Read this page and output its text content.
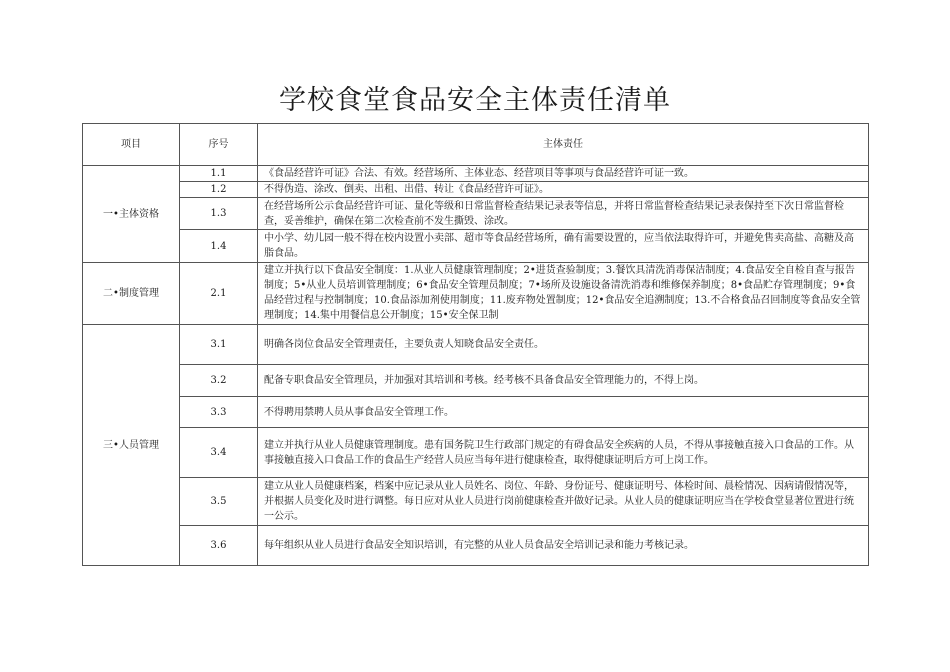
学校食堂食品安全主体责任清单
项目	序号	主体责任
一•主体资格	1.1	《食品经营许可证》合法、有效。经营场所、主体业态、经营项目等事项与食品经营许可证一致。
	1.2	不得伪造、涂改、倒卖、出租、出借、转让《食品经营许可证》。
	1.3	在经营场所公示食品经营许可证、量化等级和日常监督检查结果记录表等信息，并将日常监督检查结果记录表保持至下次日常监督检查，妥善维护，确保在第二次检查前不发生撕毁、涂改。
	1.4	中小学、幼儿园一般不得在校内设置小卖部、超市等食品经营场所，确有需要设置的，应当依法取得许可，并避免售卖高盐、高糖及高脂食品。
二•制度管理	2.1	建立并执行以下食品安全制度：1.从业人员健康管理制度；2•进货查验制度；3.餐饮具清洗消毒保洁制度；4.食品安全自检自查与报告制度；5•从业人员培训管理制度；6•食品安全管理员制度；7•场所及设施设备清洗消毒和维修保养制度；8•食品贮存管理制度；9•食品经营过程与控制制度；10.食品添加剂使用制度；11.废弃物处置制度；12•食品安全追溯制度；13.不合格食品召回制度等食品安全管理制度；14.集中用餐信息公开制度；15•安全保卫制
三•人员管理	3.1	明确各岗位食品安全管理责任，主要负责人知晓食品安全责任。
	3.2	配备专职食品安全管理员，并加强对其培训和考核。经考核不具备食品安全管理能力的，不得上岗。
	3.3	不得聘用禁聘人员从事食品安全管理工作。
	3.4	建立并执行从业人员健康管理制度。患有国务院卫生行政部门规定的有碍食品安全疾病的人员，不得从事接触直接入口食品的工作。从事接触直接入口食品工作的食品生产经营人员应当每年进行健康检查，取得健康证明后方可上岗工作。
	3.5	建立从业人员健康档案，档案中应记录从业人员姓名、岗位、年龄、身份证号、健康证明号、体检时间、晨检情况、因病请假情况等，并根据人员变化及时进行调整。每日应对从业人员进行岗前健康检查并做好记录。从业人员的健康证明应当在学校食堂显著位置进行统一公示。
	3.6	每年组织从业人员进行食品安全知识培训，有完整的从业人员食品安全培训记录和能力考核记录。
